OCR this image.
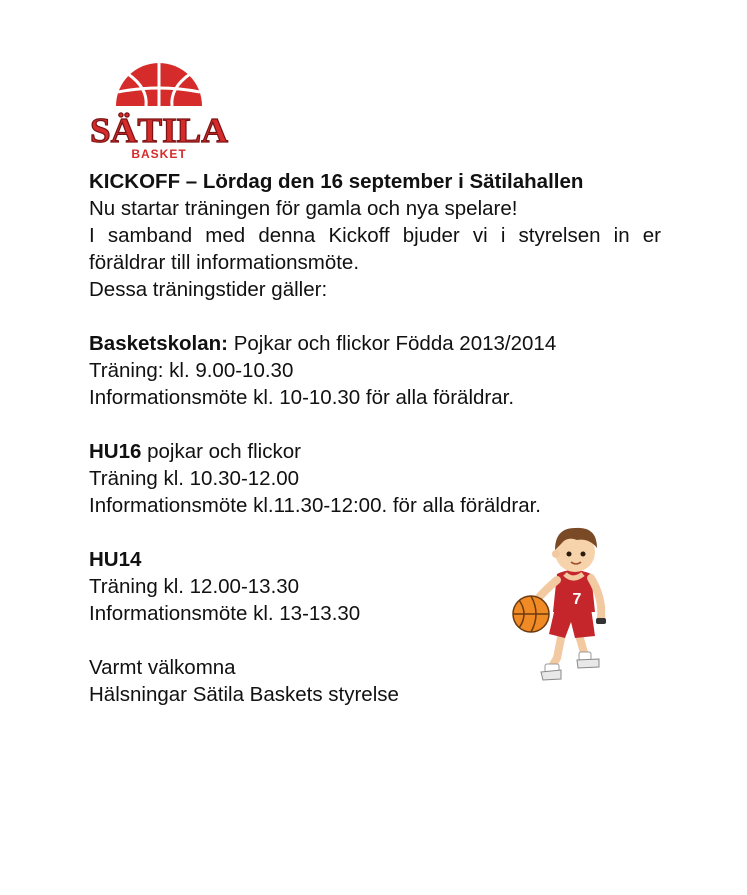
SÄTILA
BASKET

KICKOFF – Lördag den 16 september i Sätilahallen

Nu startar träningen för gamla och nya spelare!

I samband med denna Kickoff bjuder vi i styrelsen in er föräldrar till informationsmöte.

Dessa träningstider gäller:

Basketskolan: Pojkar och flickor Födda 2013/2014

Träning: kl. 9.00-10.30

Informationsmöte kl. 10-10.30 för alla föräldrar.

HU16 pojkar och flickor

Träning kl. 10.30-12.00

Informationsmöte kl.11.30-12:00. för alla föräldrar.

HU14

Träning kl. 12.00-13.30

Informationsmöte kl. 13-13.30

Varmt välkomna

Hälsningar Sätila Baskets styrelse

7
